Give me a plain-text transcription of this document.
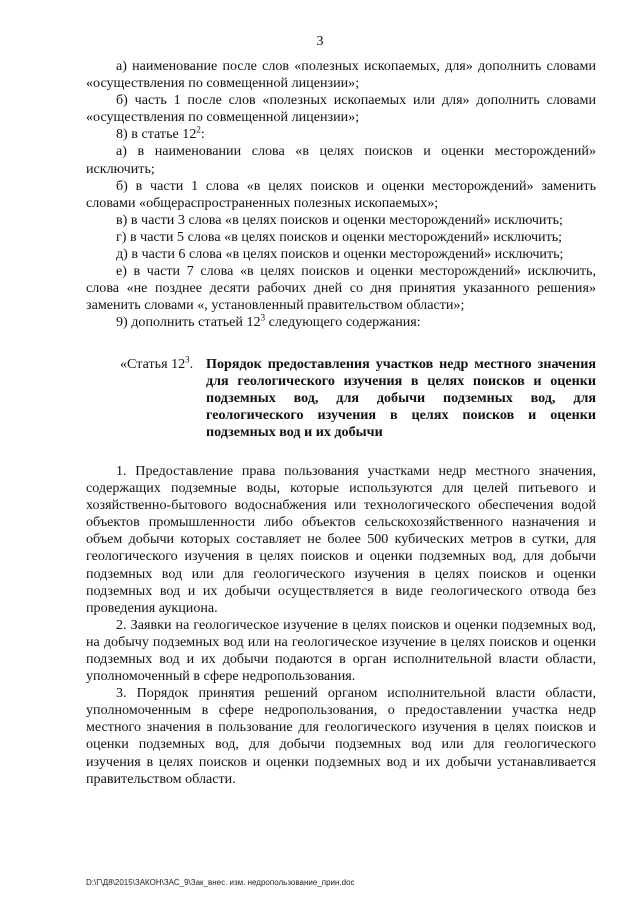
3

а) наименование после слов «полезных ископаемых, для» дополнить словами «осуществления по совмещенной лицензии»;

б) часть 1 после слов «полезных ископаемых или для» дополнить словами «осуществления по совмещенной лицензии»;

8) в статье $12^2$:

а) в наименовании слова «в целях поисков и оценки месторождений» исключить;

б) в части 1 слова «в целях поисков и оценки месторождений» заменить словами «общераспространенных полезных ископаемых»;

в) в части 3 слова «в целях поисков и оценки месторождений» исключить;

г) в части 5 слова «в целях поисков и оценки месторождений» исключить;

д) в части 6 слова «в целях поисков и оценки месторождений» исключить;

е) в части 7 слова «в целях поисков и оценки месторождений» исключить, слова «не позднее десяти рабочих дней со дня принятия указанного решения» заменить словами «, установленный правительством области»;

9) дополнить статьей $12^3$ следующего содержания:

«Статья $12^3$. Порядок предоставления участков недр местного значения для геологического изучения в целях поисков и оценки подземных вод, для добычи подземных вод, для геологического изучения в целях поисков и оценки подземных вод и их добычи

1. Предоставление права пользования участками недр местного значения, содержащих подземные воды, которые используются для целей питьевого и хозяйственно-бытового водоснабжения или технологического обеспечения водой объектов промышленности либо объектов сельскохозяйственного назначения и объем добычи которых составляет не более 500 кубических метров в сутки, для геологического изучения в целях поисков и оценки подземных вод, для добычи подземных вод или для геологического изучения в целях поисков и оценки подземных вод и их добычи осуществляется в виде геологического отвода без проведения аукциона.

2. Заявки на геологическое изучение в целях поисков и оценки подземных вод, на добычу подземных вод или на геологическое изучение в целях поисков и оценки подземных вод и их добычи подаются в орган исполнительной власти области, уполномоченный в сфере недропользования.

3. Порядок принятия решений органом исполнительной власти области, уполномоченным в сфере недропользования, о предоставлении участка недр местного значения в пользование для геологического изучения в целях поисков и оценки подземных вод, для добычи подземных вод или для геологического изучения в целях поисков и оценки подземных вод и их добычи устанавливается правительством области.

D:\Г\Д8\2015\ЗАКОН\ЗАС_9\Зак_внес. изм. недропользование_прин.doc
